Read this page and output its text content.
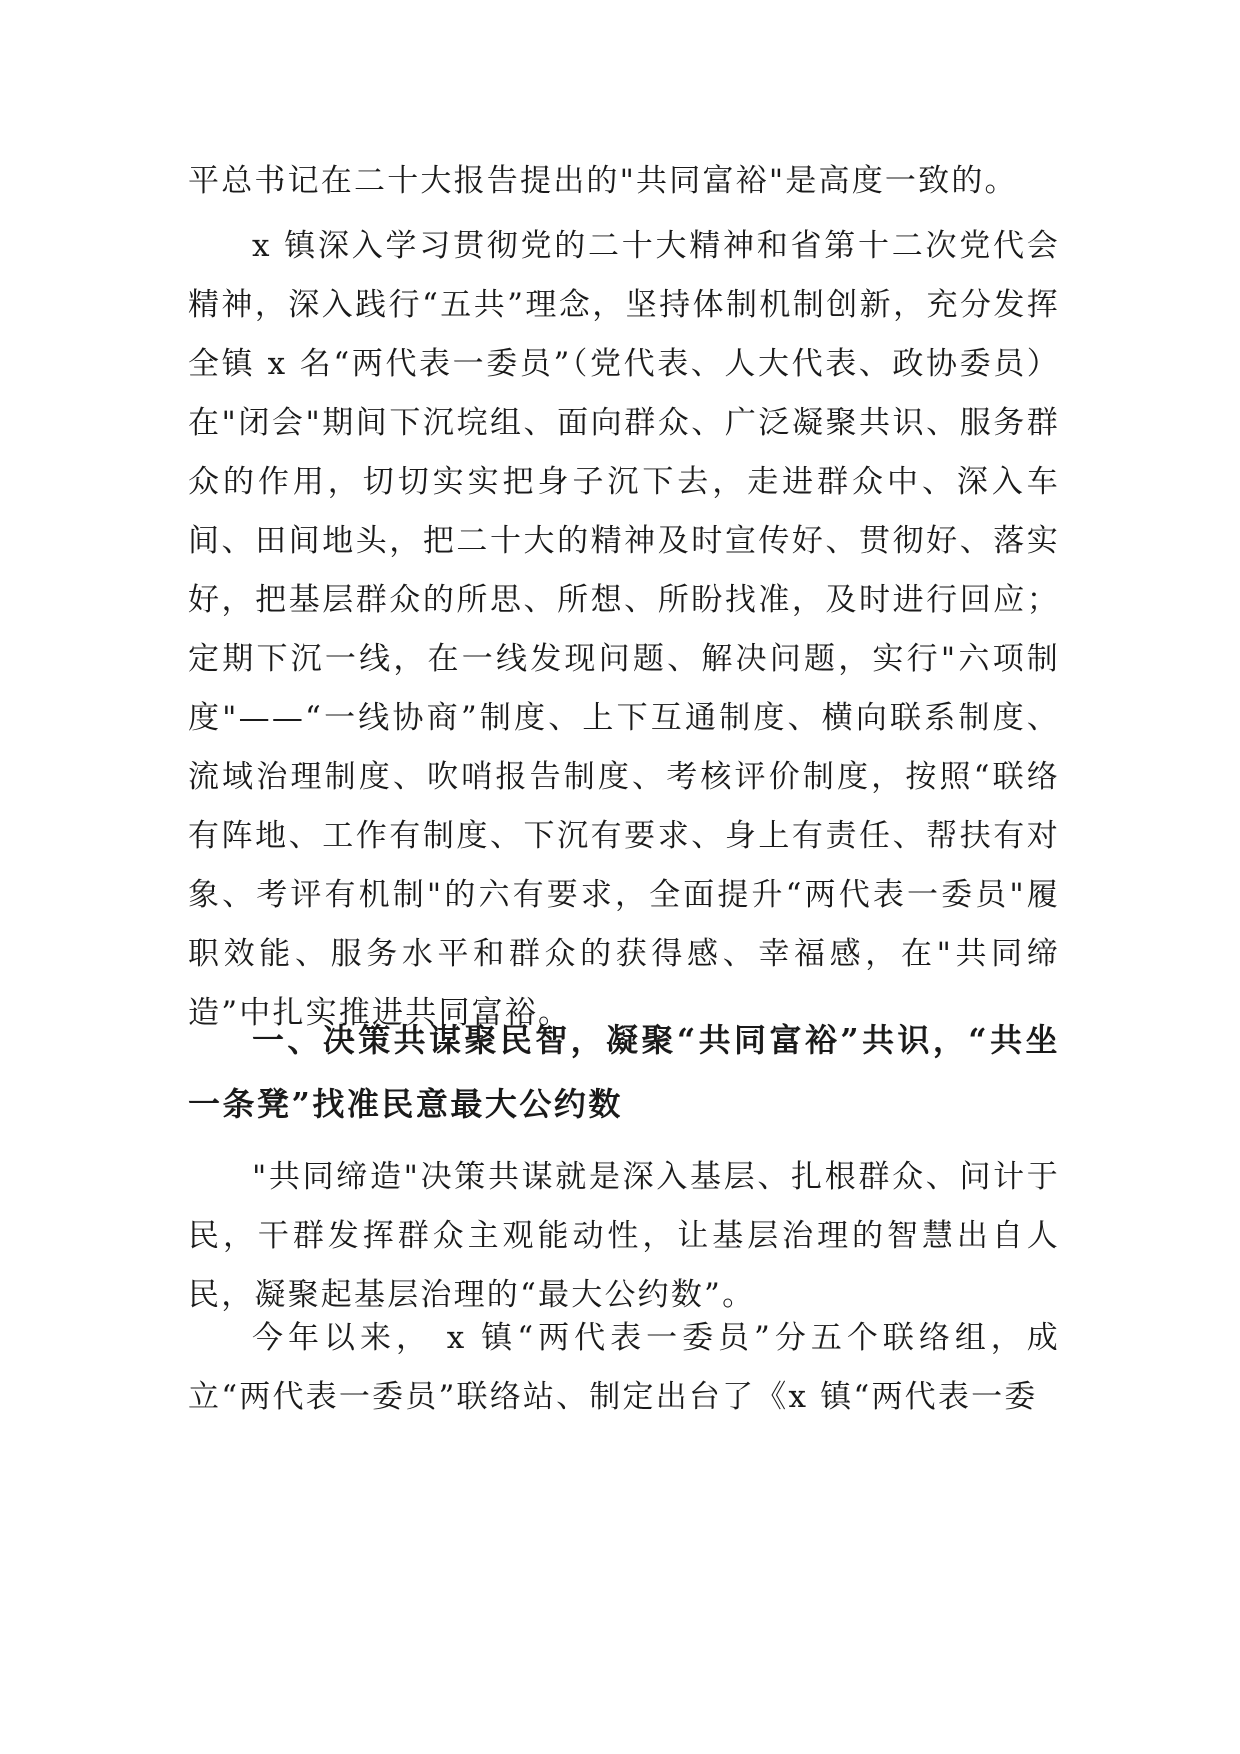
平总书记在二十大报告提出的"共同富裕"是高度一致的。
x 镇深入学习贯彻党的二十大精神和省第十二次党代会精神，深入践行“五共”理念，坚持体制机制创新，充分发挥全镇 x 名“两代表一委员”（党代表、人大代表、政协委员）在"闭会"期间下沉垸组、面向群众、广泛凝聚共识、服务群众的作用，切切实实把身子沉下去，走进群众中、深入车间、田间地头，把二十大的精神及时宣传好、贯彻好、落实好，把基层群众的所思、所想、所盼找准，及时进行回应；定期下沉一线，在一线发现问题、解决问题，实行"六项制度"——“一线协商”制度、上下互通制度、横向联系制度、流域治理制度、吹哨报告制度、考核评价制度，按照“联络有阵地、工作有制度、下沉有要求、身上有责任、帮扶有对象、考评有机制"的六有要求，全面提升“两代表一委员"履职效能、服务水平和群众的获得感、幸福感，在"共同缔造”中扎实推进共同富裕。
一、决策共谋聚民智，凝聚“共同富裕”共识，“共坐一条凳”找准民意最大公约数
"共同缔造"决策共谋就是深入基层、扎根群众、问计于民，干群发挥群众主观能动性，让基层治理的智慧出自人民，凝聚起基层治理的“最大公约数”。
今年以来， x 镇“两代表一委员”分五个联络组，成立“两代表一委员”联络站、制定出台了《x 镇“两代表一委
